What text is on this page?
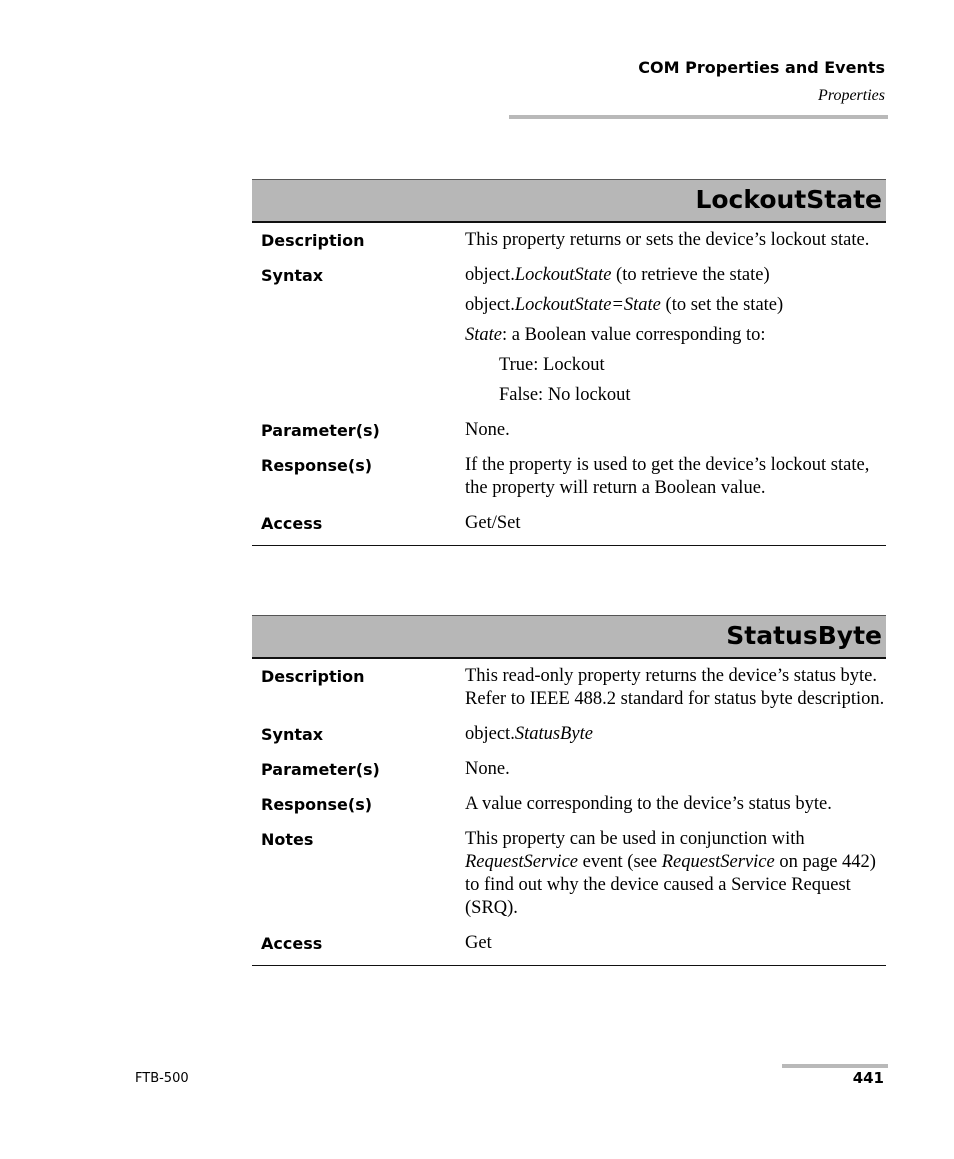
COM Properties and Events
Properties
LockoutState
Description	This property returns or sets the device’s lockout state.

Syntax	object.LockoutState (to retrieve the state)

object.LockoutState=State (to set the state)

State: a Boolean value corresponding to:

True: Lockout

False: No lockout

Parameter(s)	None.
Response(s)	If the property is used to get the device’s lockout state, the property will return a Boolean value.
Access	Get/Set
StatusByte
Description	This read-only property returns the device’s status byte. Refer to IEEE 488.2 standard for status byte description.
Syntax	object.StatusByte
Parameter(s)	None.
Response(s)	A value corresponding to the device’s status byte.
Notes	This property can be used in conjunction with RequestService event (see RequestService on page 442) to find out why the device caused a Service Request (SRQ).
Access	Get
FTB-500	441
